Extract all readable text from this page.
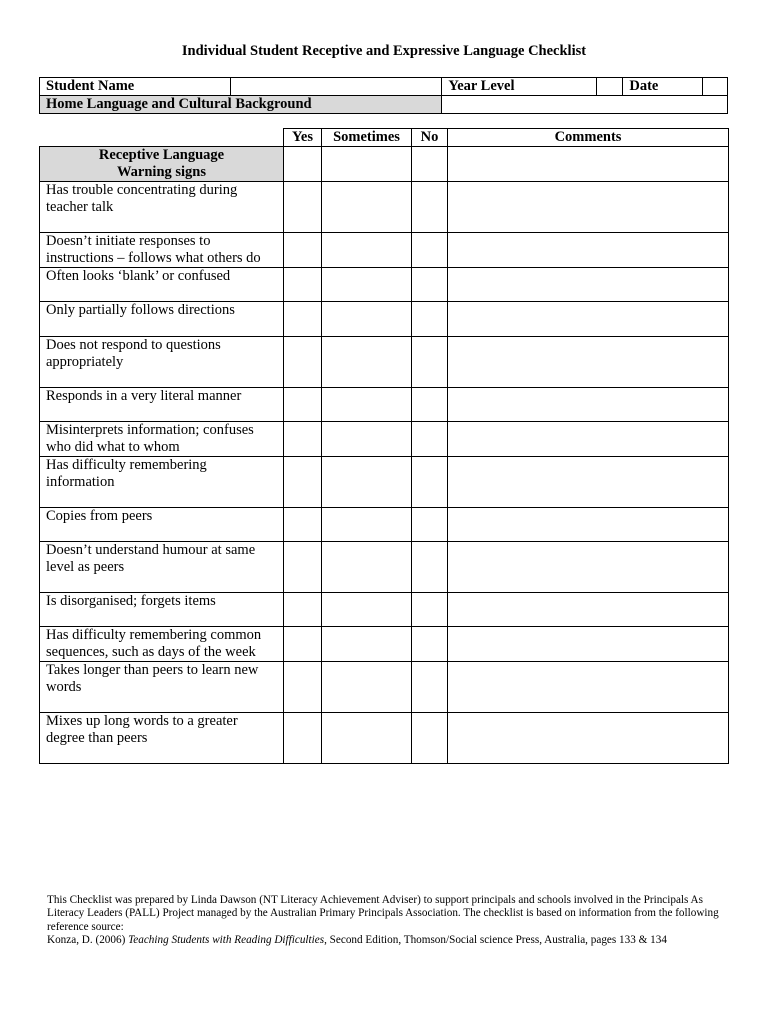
Individual Student Receptive and Expressive Language Checklist
Student Name		Year Level		Date	
Home Language and Cultural Background					
	Yes	Sometimes	No	Comments

Receptive Language
Warning signs				

Has trouble concentrating during teacher talk				
Doesn’t initiate responses to instructions – follows what others do				
Often looks ‘blank’ or confused				
Only partially follows directions				
Does not respond to questions appropriately				
Responds in a very literal manner				
Misinterprets information; confuses who did what to whom				
Has difficulty remembering information				
Copies from peers				
Doesn’t understand humour at same level as peers				
Is disorganised; forgets items				
Has difficulty remembering common sequences, such as days of the week				
Takes longer than peers to learn new words				
Mixes up long words to a greater degree than peers				

This Checklist was prepared by Linda Dawson (NT Literacy Achievement Adviser) to support principals and schools involved in the Principals As Literacy Leaders (PALL) Project managed by the Australian Primary Principals Association. The checklist is based on information from the following reference source:

Konza, D. (2006) Teaching Students with Reading Difficulties, Second Edition, Thomson/Social science Press, Australia, pages 133 & 134
